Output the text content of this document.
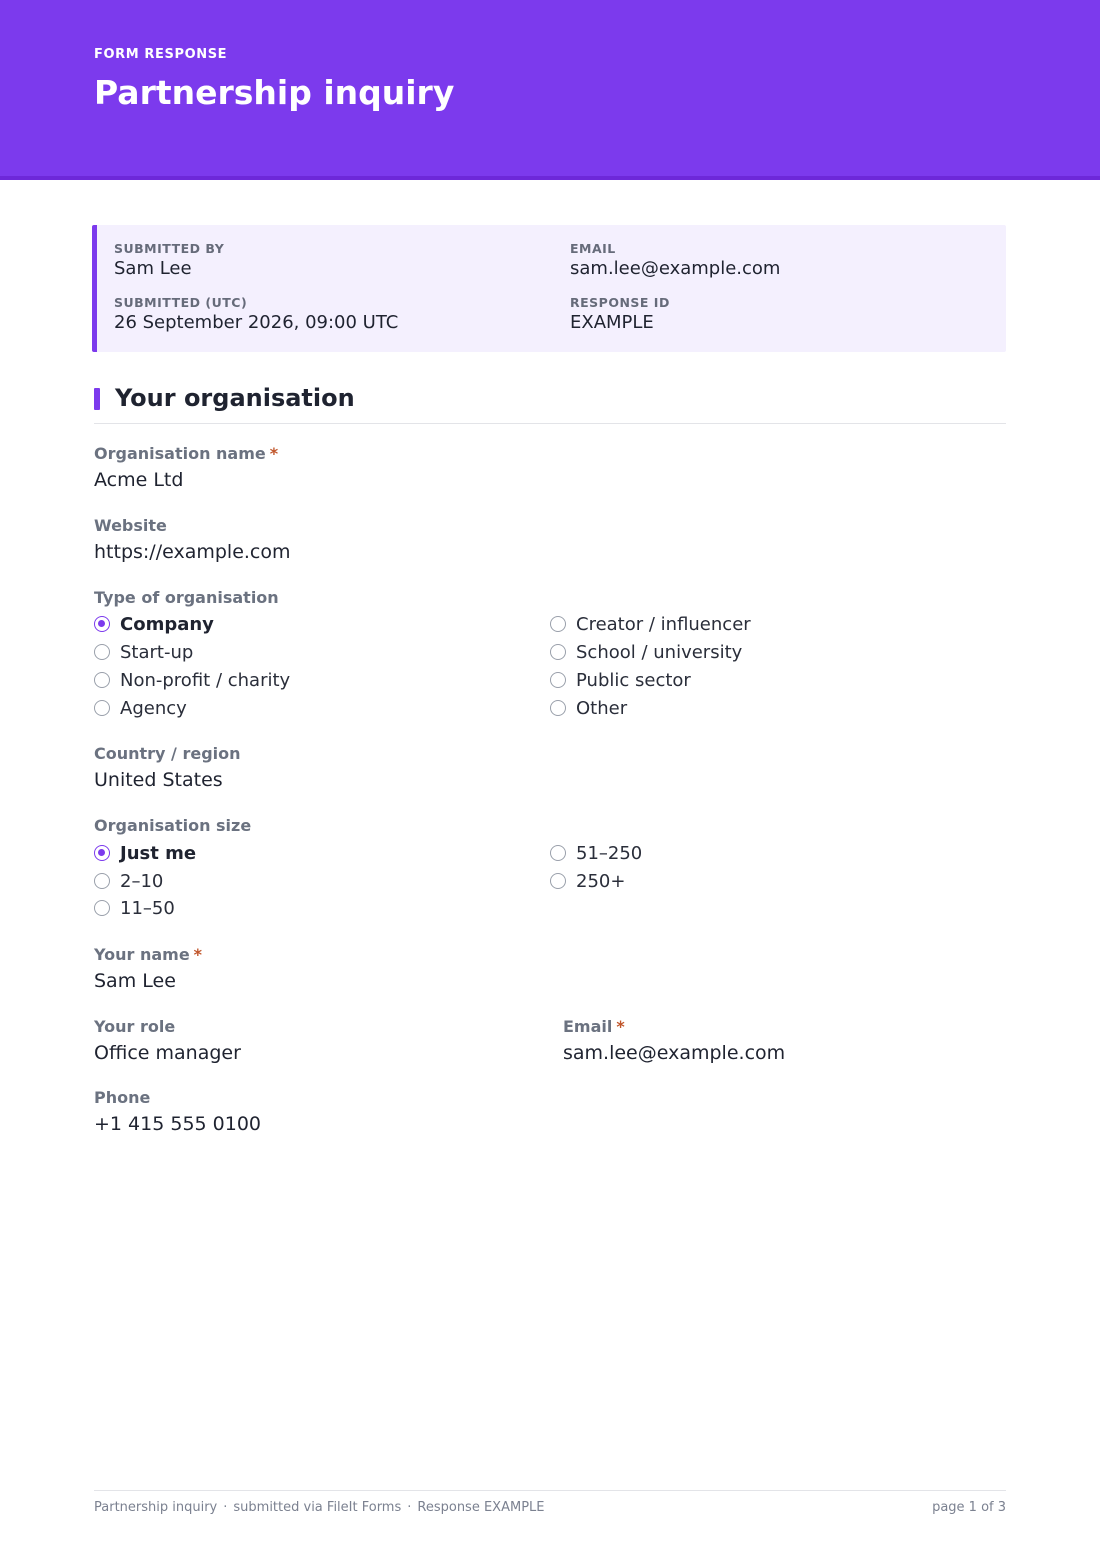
FORM RESPONSE
Partnership inquiry
SUBMITTED BY
Sam Lee
EMAIL
sam.lee@example.com
SUBMITTED (UTC)
26 September 2026, 09:00 UTC
RESPONSE ID
EXAMPLE
Your organisation
Organisation name *
Acme Ltd
Website
https://example.com
Type of organisation
Company
Start-up
Non-profit / charity
Agency
Creator / influencer
School / university
Public sector
Other
Country / region
United States
Organisation size
Just me
2–10
11–50
51–250
250+
Your name *
Sam Lee
Your role
Office manager
Email *
sam.lee@example.com
Phone
+1 415 555 0100
Partnership inquiry · submitted via FileIt Forms · Response EXAMPLE	page 1 of 3
